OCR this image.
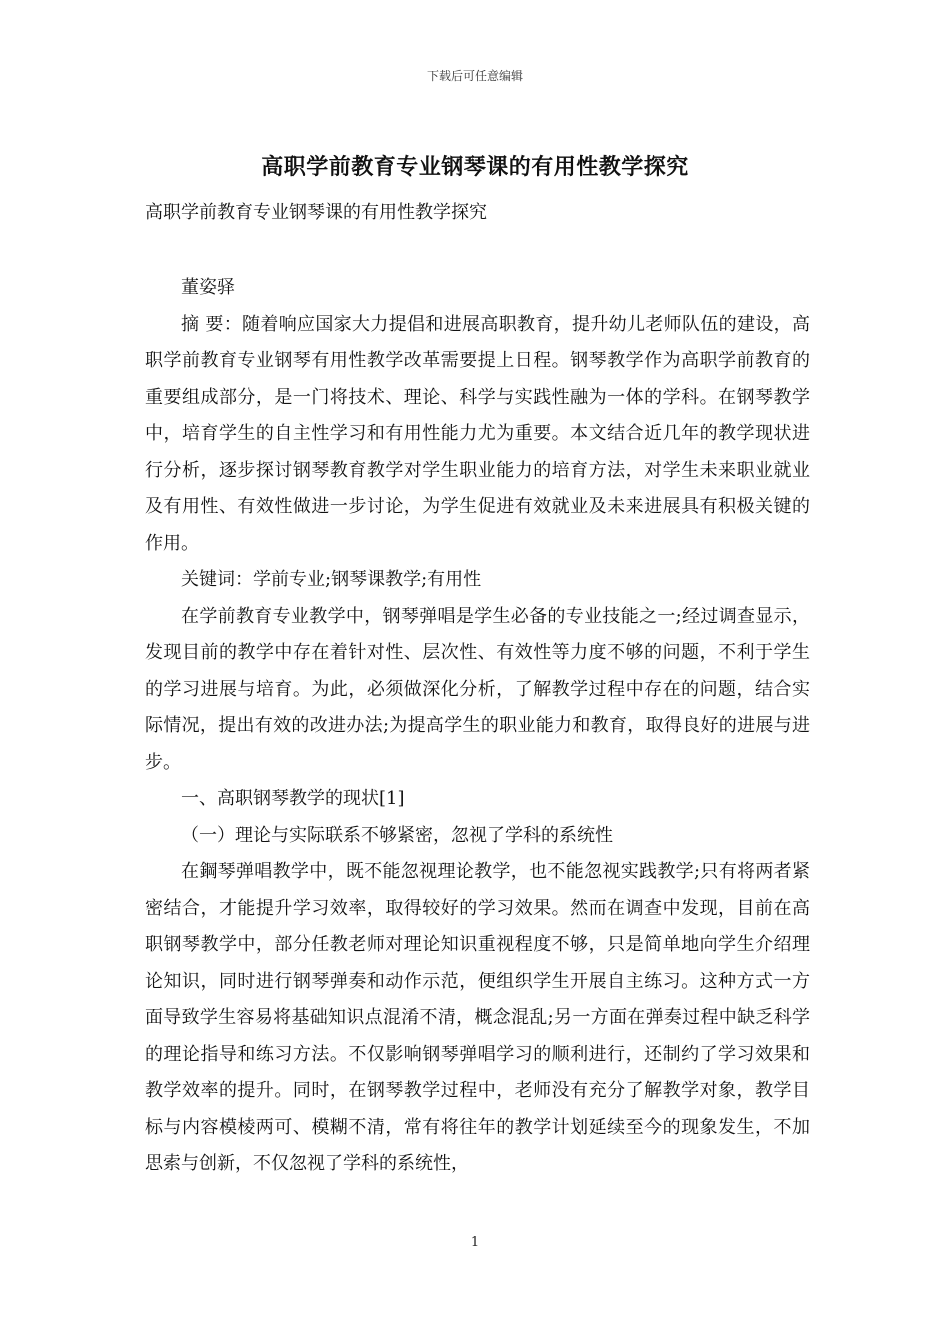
下载后可任意编辑
高职学前教育专业钢琴课的有用性教学探究

高职学前教育专业钢琴课的有用性教学探究

董姿驿

摘 要：随着响应国家大力提倡和进展高职教育，提升幼儿老师队伍的建设，高职学前教育专业钢琴有用性教学改革需要提上日程。钢琴教学作为高职学前教育的重要组成部分，是一门将技术、理论、科学与实践性融为一体的学科。在钢琴教学中，培育学生的自主性学习和有用性能力尤为重要。本文结合近几年的教学现状进行分析，逐步探讨钢琴教育教学对学生职业能力的培育方法，对学生未来职业就业及有用性、有效性做进一步讨论，为学生促进有效就业及未来进展具有积极关键的作用。

关键词：学前专业;钢琴课教学;有用性

在学前教育专业教学中，钢琴弹唱是学生必备的专业技能之一;经过调查显示，发现目前的教学中存在着针对性、层次性、有效性等力度不够的问题，不利于学生的学习进展与培育。为此，必须做深化分析，了解教学过程中存在的问题，结合实际情况，提出有效的改进办法;为提高学生的职业能力和教育，取得良好的进展与进步。

一、高职钢琴教学的现状[1]

（一）理论与实际联系不够紧密，忽视了学科的系统性

在鋼琴弹唱教学中，既不能忽视理论教学，也不能忽视实践教学;只有将两者紧密结合，才能提升学习效率，取得较好的学习效果。然而在调查中发现，目前在高职钢琴教学中，部分任教老师对理论知识重视程度不够，只是简单地向学生介绍理论知识，同时进行钢琴弹奏和动作示范，便组织学生开展自主练习。这种方式一方面导致学生容易将基础知识点混淆不清，概念混乱;另一方面在弹奏过程中缺乏科学的理论指导和练习方法。不仅影响钢琴弹唱学习的顺利进行，还制约了学习效果和教学效率的提升。同时，在钢琴教学过程中，老师没有充分了解教学对象，教学目标与内容模棱两可、模糊不清，常有将往年的教学计划延续至今的现象发生，不加思索与创新，不仅忽视了学科的系统性，

1
